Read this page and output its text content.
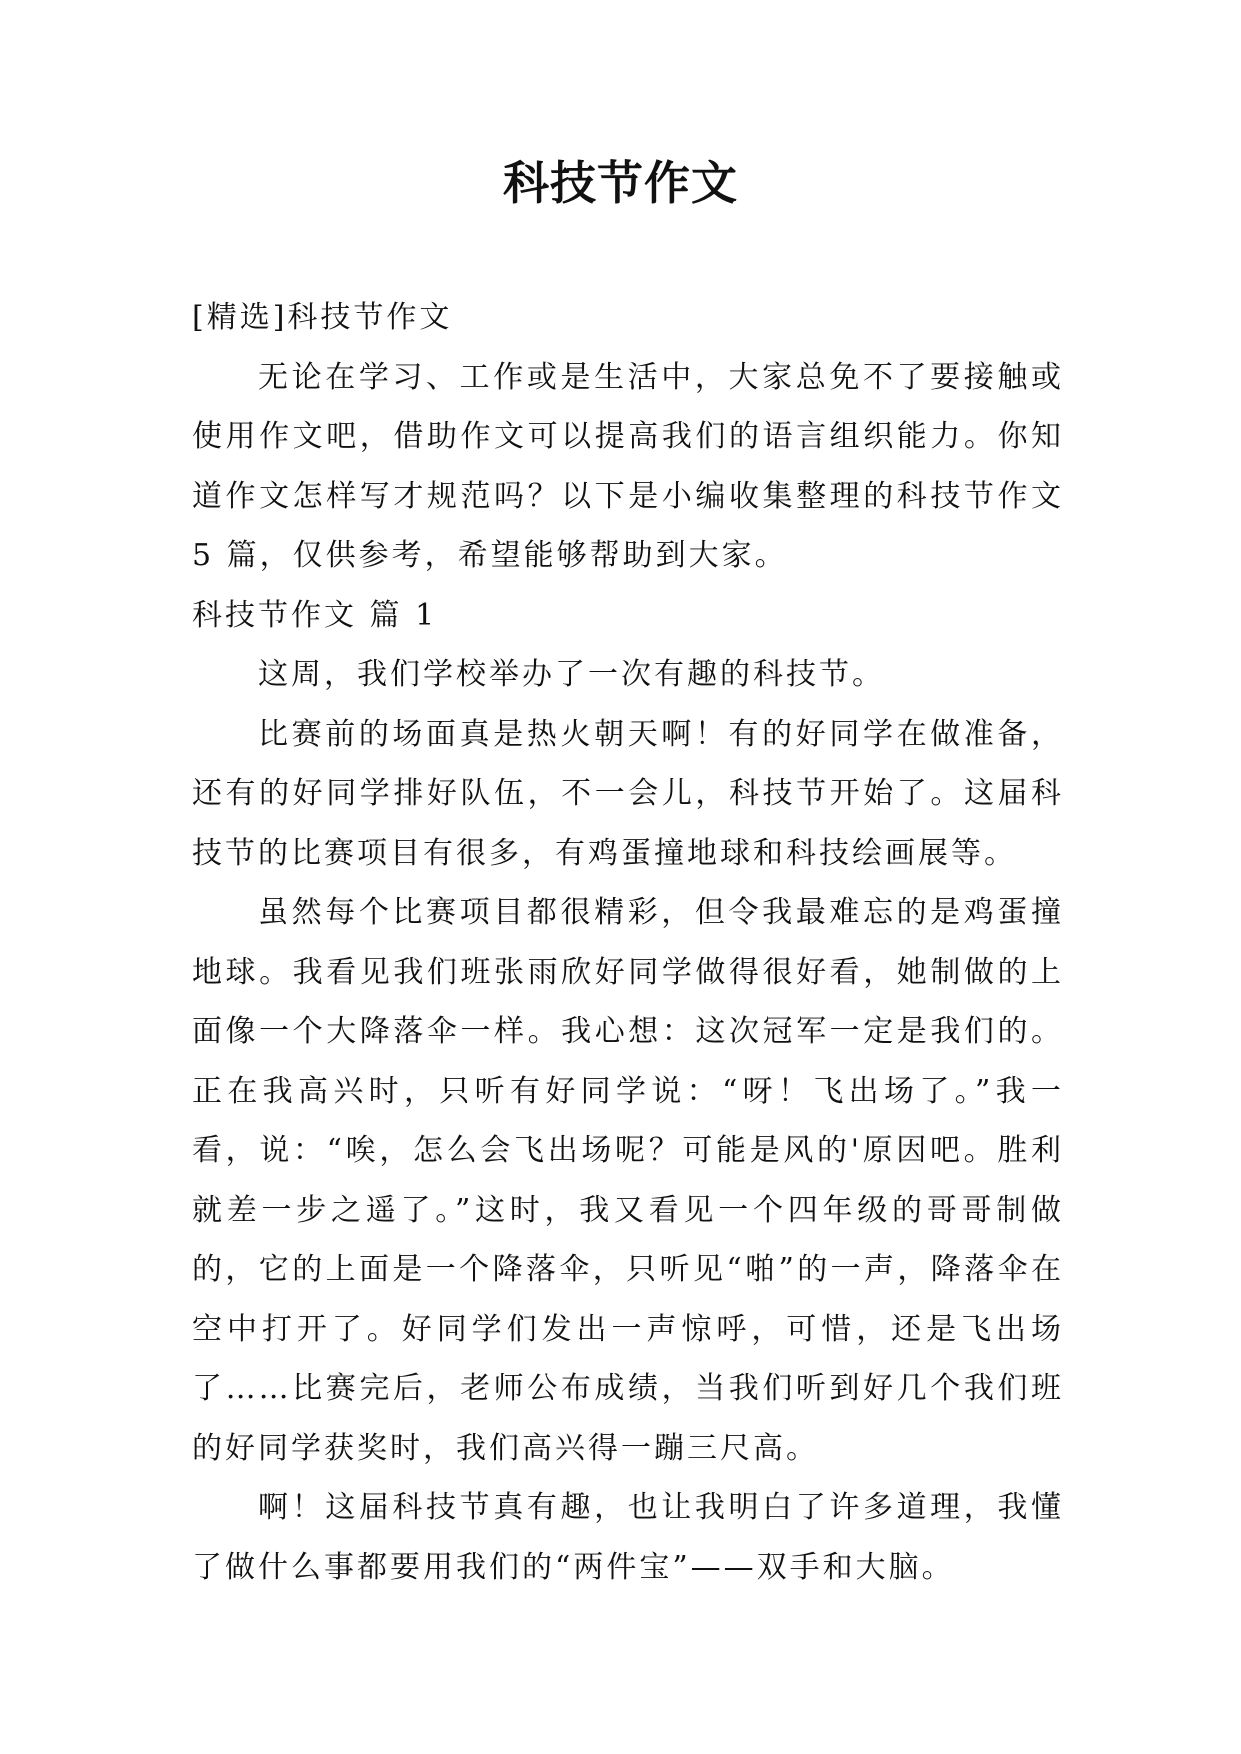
科技节作文
[精选]科技节作文

无论在学习、工作或是生活中，大家总免不了要接触或使用作文吧，借助作文可以提高我们的语言组织能力。你知道作文怎样写才规范吗？以下是小编收集整理的科技节作文 5 篇，仅供参考，希望能够帮助到大家。

科技节作文 篇 1

这周，我们学校举办了一次有趣的科技节。

比赛前的场面真是热火朝天啊！有的好同学在做准备，还有的好同学排好队伍，不一会儿，科技节开始了。这届科技节的比赛项目有很多，有鸡蛋撞地球和科技绘画展等。

虽然每个比赛项目都很精彩，但令我最难忘的是鸡蛋撞地球。我看见我们班张雨欣好同学做得很好看，她制做的上面像一个大降落伞一样。我心想：这次冠军一定是我们的。正在我高兴时，只听有好同学说：“呀！飞出场了。”我一看，说：“唉，怎么会飞出场呢？可能是风的'原因吧。胜利就差一步之遥了。”这时，我又看见一个四年级的哥哥制做的，它的上面是一个降落伞，只听见“啪”的一声，降落伞在空中打开了。好同学们发出一声惊呼，可惜，还是飞出场了……比赛完后，老师公布成绩，当我们听到好几个我们班的好同学获奖时，我们高兴得一蹦三尺高。

啊！这届科技节真有趣，也让我明白了许多道理，我懂了做什么事都要用我们的“两件宝”——双手和大脑。
